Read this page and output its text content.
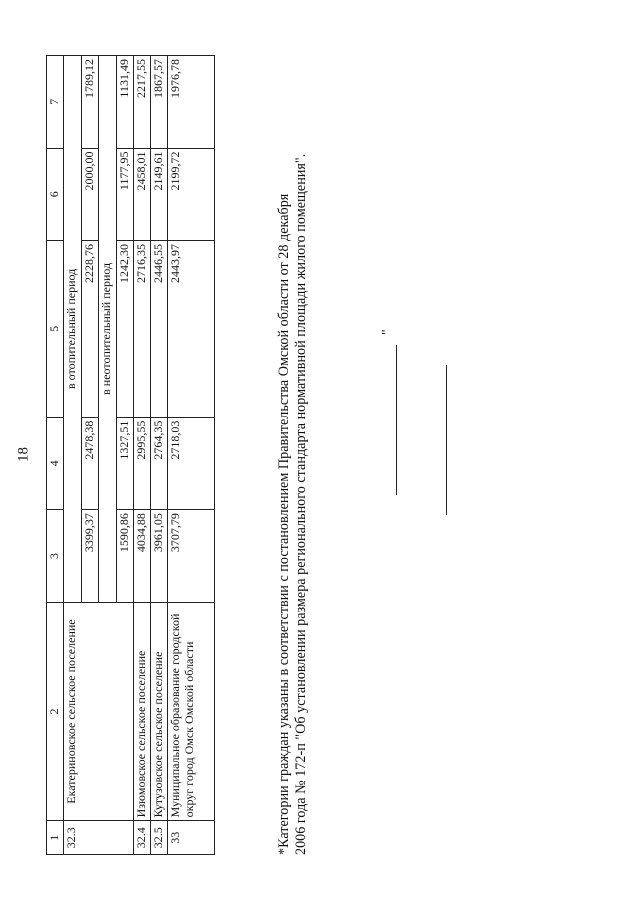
18
1	2	3	4	5	6	7
32.3	Екатериновское сельское поселение		в отопительный период			
		3399,37	2478,38	2228,76	2000,00	1789,12
			в неотопительный период			
		1590,86	1327,51	1242,30	1177,95	1131,49
32.4	Изюмовское сельское поселение	4034,88	2995,55	2716,35	2458,01	2217,55
32.5	Кутузовское сельское поселение	3961,05	2764,35	2446,55	2149,61	1867,57
33	Муниципальное образование городской округ город Омск Омской области	3707,79	2718,03	2443,97	2199,72	1976,78
"
*Категории граждан указаны в соответствии с постановлением Правительства Омской области от 28 декабря 2006 года № 172-п "Об установлении размера регионального стандарта нормативной площади жилого помещения".
